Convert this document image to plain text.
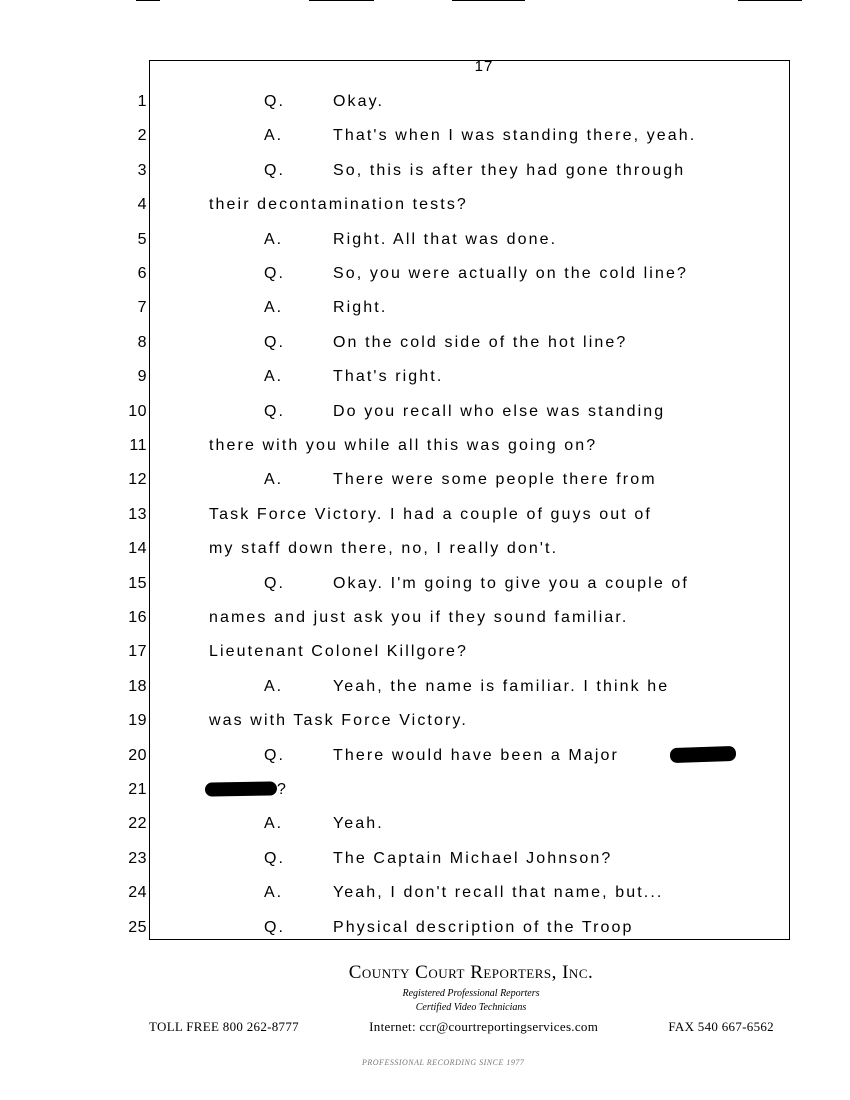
17
1	Q.	Okay.
2	A.	That's when I was standing there, yeah.
3	Q.	So, this is after they had gone through
4	their decontamination tests?
5	A.	Right. All that was done.
6	Q.	So, you were actually on the cold line?
7	A.	Right.
8	Q.	On the cold side of the hot line?
9	A.	That's right.
10	Q.	Do you recall who else was standing
11	there with you while all this was going on?
12	A.	There were some people there from
13	Task Force Victory. I had a couple of guys out of
14	my staff down there, no, I really don't.
15	Q.	Okay. I'm going to give you a couple of
16	names and just ask you if they sound familiar.
17	Lieutenant Colonel Killgore?
18	A.	Yeah, the name is familiar. I think he
19	was with Task Force Victory.
20	Q.	There would have been a Major
21	?
22	A.	Yeah.
23	Q.	The Captain Michael Johnson?
24	A.	Yeah, I don't recall that name, but...
25	Q.	Physical description of the Troop
County Court Reporters, Inc.
Registered Professional Reporters
Certified Video Technicians
TOLL FREE 800 262-8777	Internet: ccr@courtreportingservices.com	FAX 540 667-6562
PROFESSIONAL RECORDING SINCE 1977
